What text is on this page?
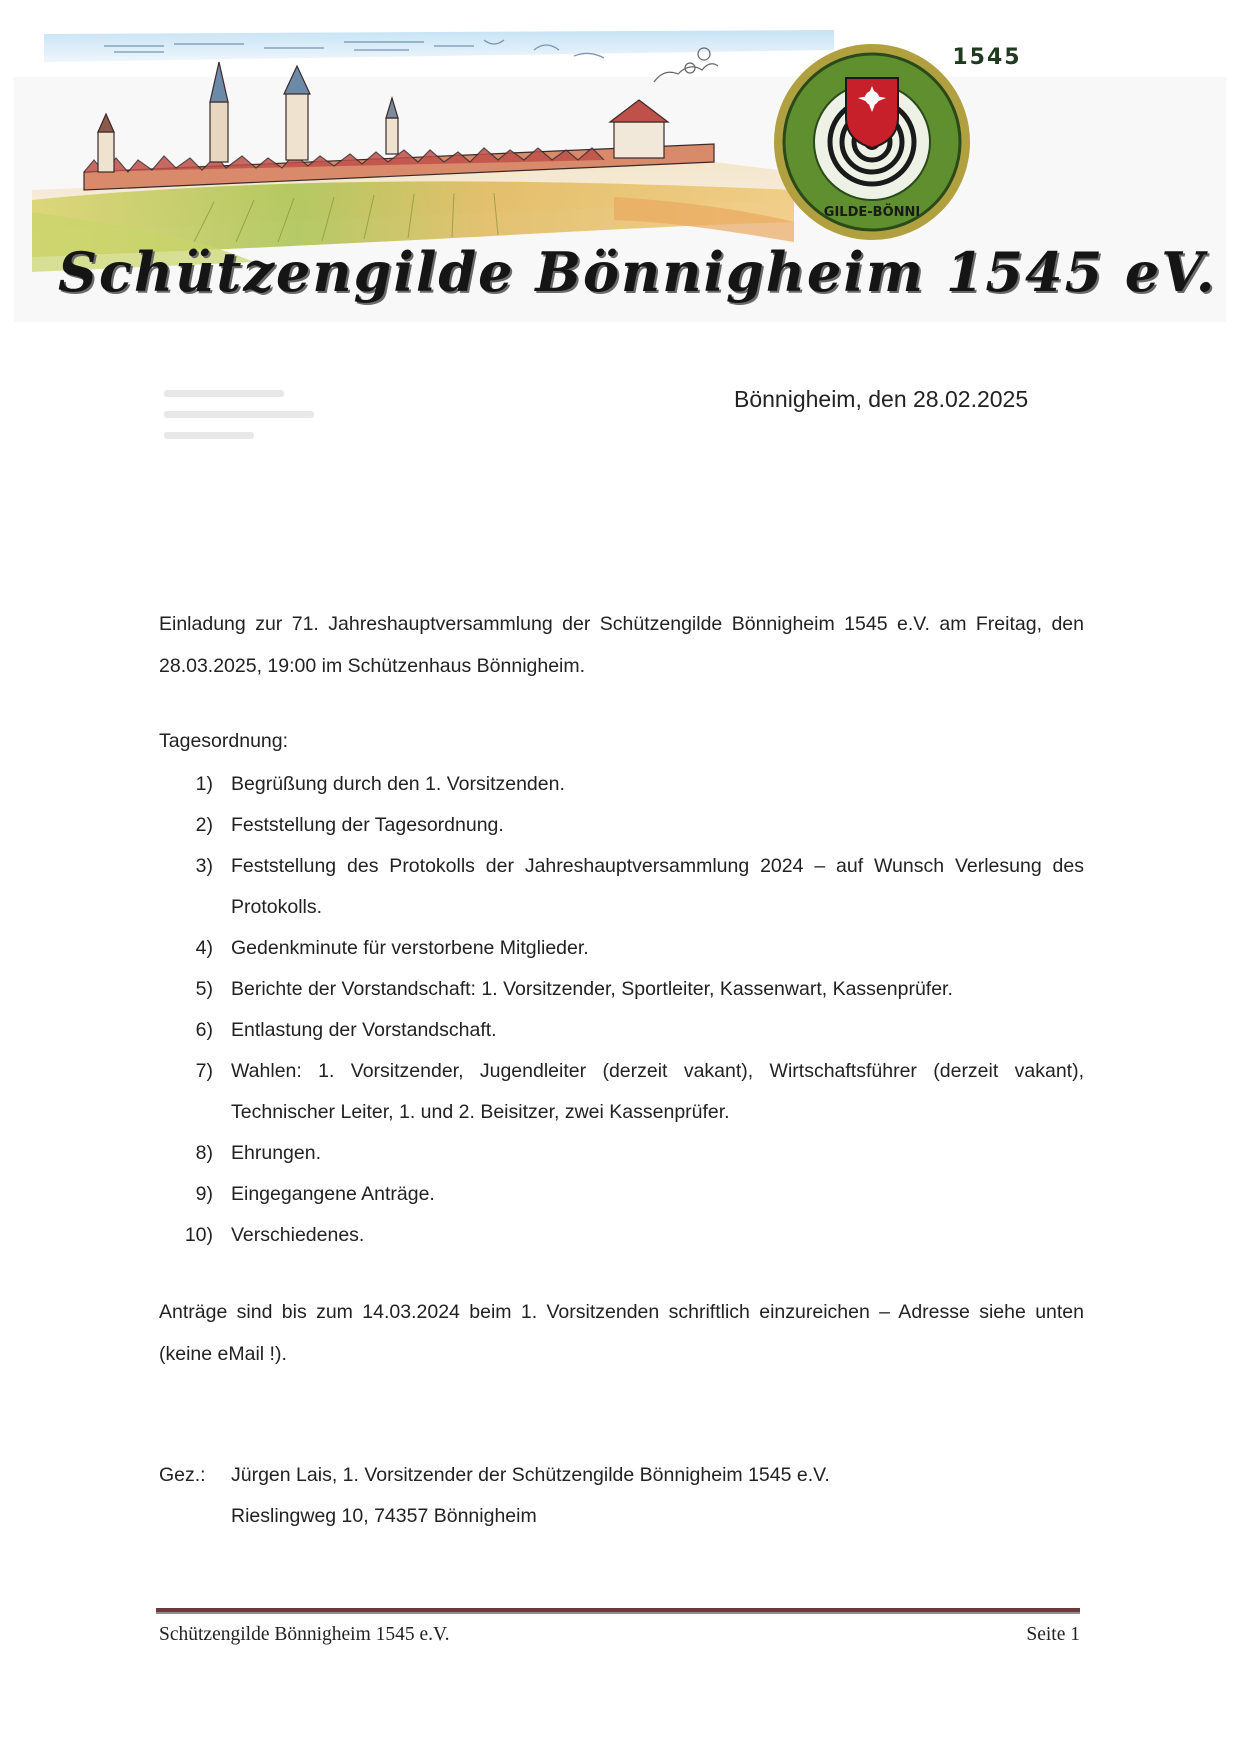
GILDE-BÖNNI
1545
Schützengilde Bönnigheim 1545 eV.
Bönnigheim, den 28.02.2025
Einladung zur 71. Jahreshauptversammlung der Schützengilde Bönnigheim 1545 e.V. am Freitag, den 28.03.2025, 19:00 im Schützenhaus Bönnigheim.
Tagesordnung:
1) Begrüßung durch den 1. Vorsitzenden.
2) Feststellung der Tagesordnung.
3) Feststellung des Protokolls der Jahreshauptversammlung 2024 – auf Wunsch Verlesung des Protokolls.
4) Gedenkminute für verstorbene Mitglieder.
5) Berichte der Vorstandschaft: 1. Vorsitzender, Sportleiter, Kassenwart, Kassenprüfer.
6) Entlastung der Vorstandschaft.
7) Wahlen: 1. Vorsitzender, Jugendleiter (derzeit vakant), Wirtschaftsführer (derzeit vakant), Technischer Leiter, 1. und 2. Beisitzer, zwei Kassenprüfer.
8) Ehrungen.
9) Eingegangene Anträge.
10) Verschiedenes.
Anträge sind bis zum 14.03.2024 beim 1. Vorsitzenden schriftlich einzureichen – Adresse siehe unten (keine eMail !).
Gez.:	Jürgen Lais, 1. Vorsitzender der Schützengilde Bönnigheim 1545 e.V.
Rieslingweg 10, 74357 Bönnigheim
Schützengilde Bönnigheim 1545 e.V.	Seite 1
